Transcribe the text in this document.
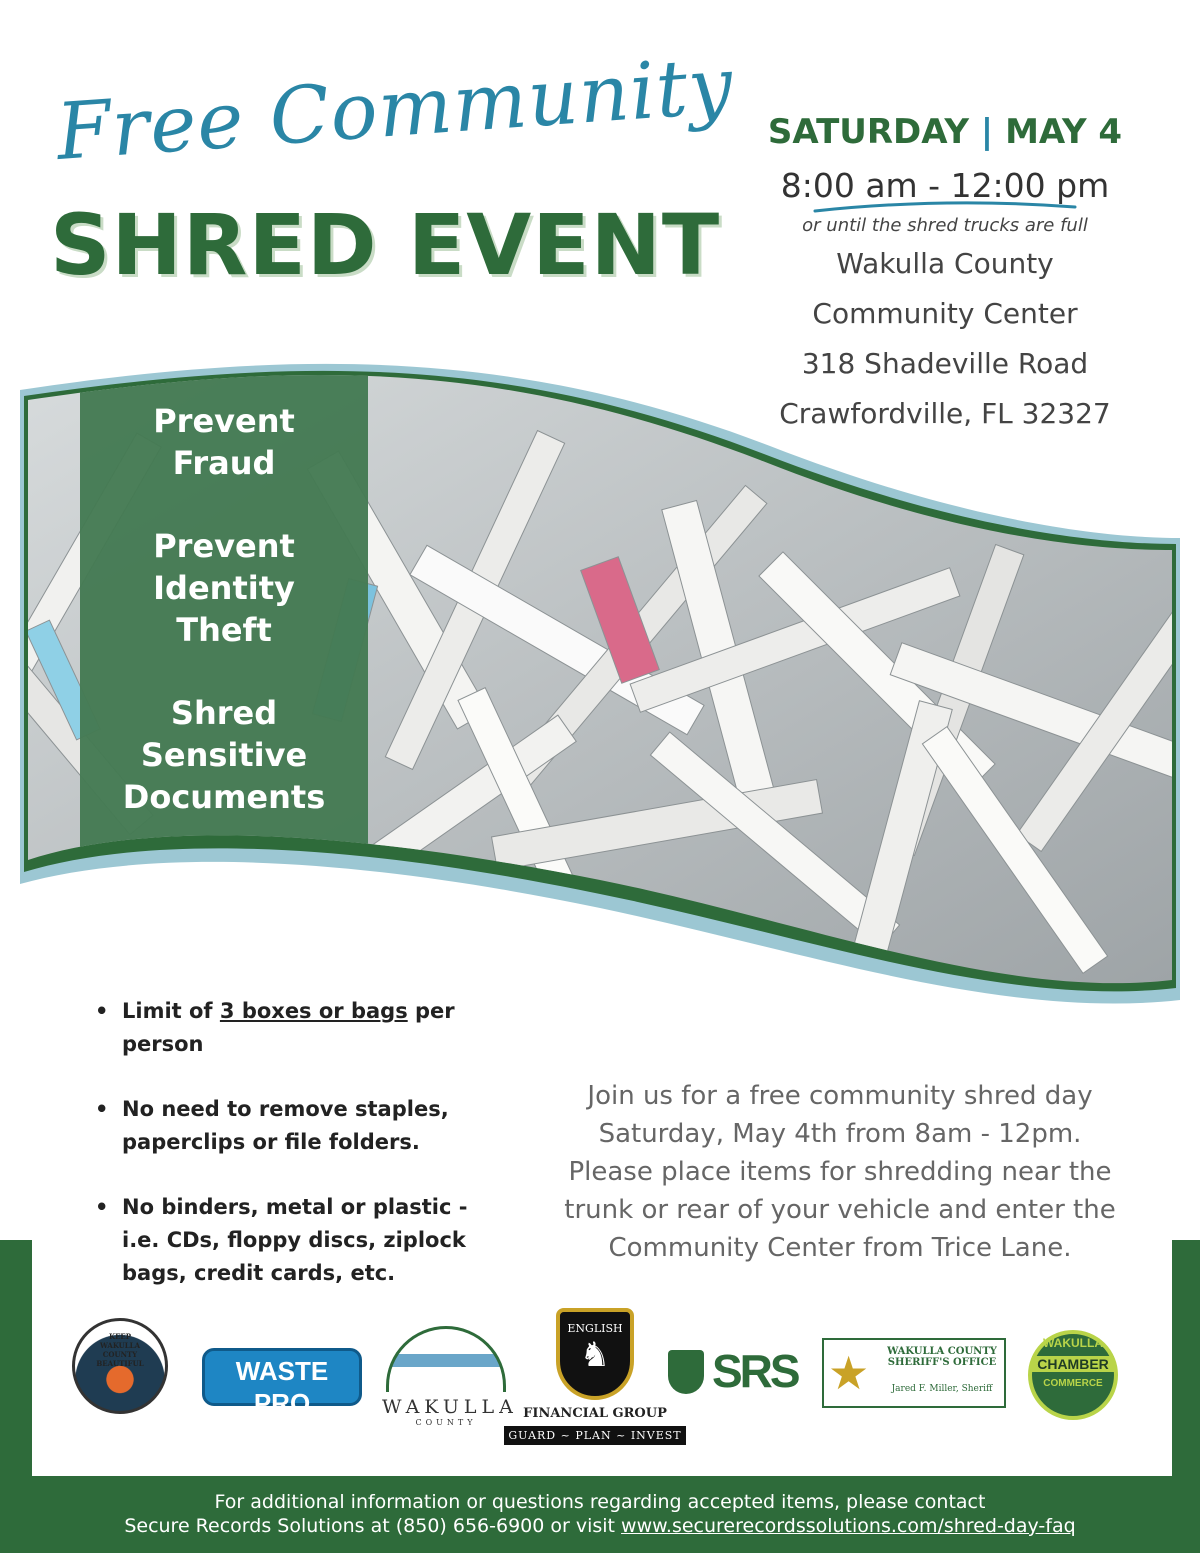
Free Community
SHRED EVENT
SATURDAY | MAY 4
8:00 am - 12:00 pm
or until the shred trucks are full
Wakulla County
Community Center
318 Shadeville Road
Crawfordville, FL 32327

Prevent
Fraud

Prevent
Identity
Theft

Shred
Sensitive
Documents

• Limit of 3 boxes or bags per person
• No need to remove staples, paperclips or file folders.
• No binders, metal or plastic - i.e. CDs, floppy discs, ziplock bags, credit cards, etc.
Join us for a free community shred day
Saturday, May 4th from 8am - 12pm.
Please place items for shredding near the
trunk or rear of your vehicle and enter the
Community Center from Trice Lane.
KEEP WAKULLA COUNTY BEAUTIFUL	WASTE PRO
Caring For Our Communities
WAKULLA
COUNTY
ENGLISH
♞
FINANCIAL GROUP
GUARD ~ PLAN ~ INVEST
SRS ★	WAKULLA COUNTY SHERIFF'S OFFICE
Jared F. Miller, Sheriff
WAKULLA
CHAMBER
COMMERCE
For additional information or questions regarding accepted items, please contact
Secure Records Solutions at (850) 656-6900 or visit www.securerecordssolutions.com/shred-day-faq
